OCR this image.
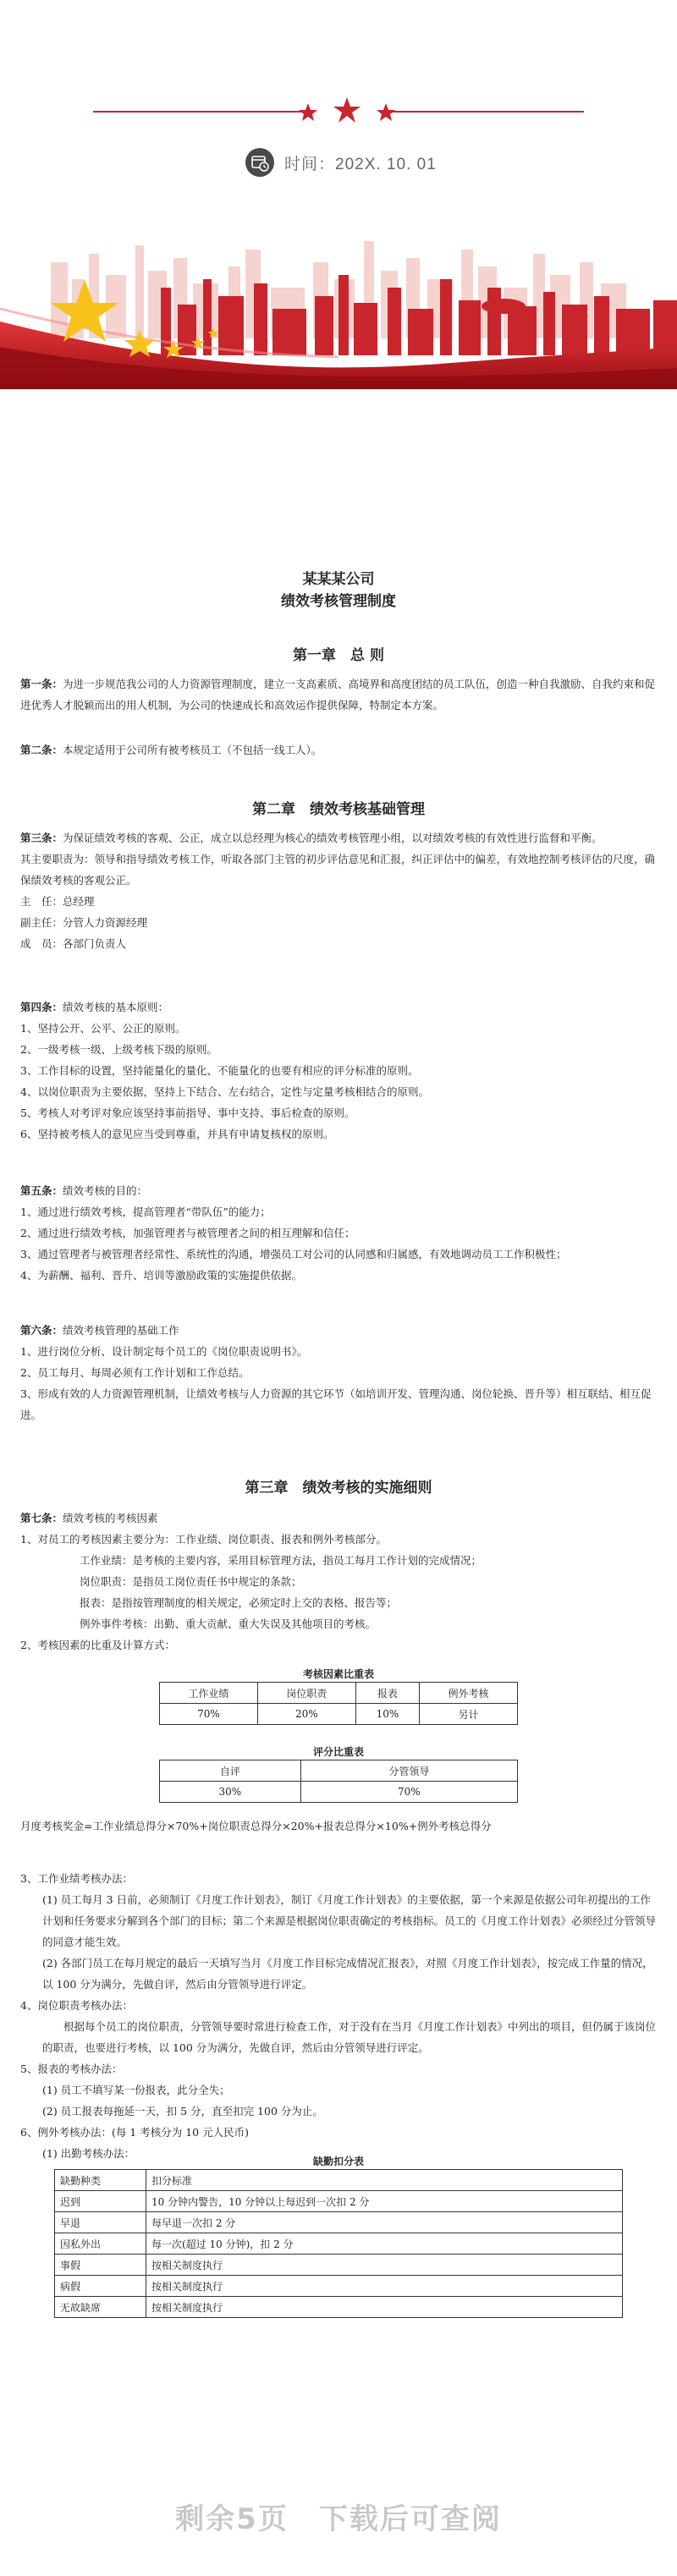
时间：202X. 10. 01
某某某公司
绩效考核管理制度
第一章　总 则
第一条：为进一步规范我公司的人力资源管理制度，建立一支高素质、高境界和高度团结的员工队伍，创造一种自我激励、自我约束和促进优秀人才脱颖而出的用人机制，为公司的快速成长和高效运作提供保障，特制定本方案。
第二条：本规定适用于公司所有被考核员工（不包括一线工人）。
第二章　绩效考核基础管理
第三条：为保证绩效考核的客观、公正，成立以总经理为核心的绩效考核管理小组，以对绩效考核的有效性进行监督和平衡。
其主要职责为：领导和指导绩效考核工作，听取各部门主管的初步评估意见和汇报，纠正评估中的偏差，有效地控制考核评估的尺度，确保绩效考核的客观公正。
主　任：总经理
副主任：分管人力资源经理
成　员：各部门负责人
第四条：绩效考核的基本原则：
1、坚持公开、公平、公正的原则。
2、一级考核一级、上级考核下级的原则。
3、工作目标的设置，坚持能量化的量化、不能量化的也要有相应的评分标准的原则。
4、以岗位职责为主要依据，坚持上下结合、左右结合，定性与定量考核相结合的原则。
5、考核人对考评对象应该坚持事前指导、事中支持、事后检查的原则。
6、坚持被考核人的意见应当受到尊重，并具有申请复核权的原则。
第五条：绩效考核的目的：
1、通过进行绩效考核，提高管理者“带队伍”的能力；
2、通过进行绩效考核，加强管理者与被管理者之间的相互理解和信任；
3、通过管理者与被管理者经常性、系统性的沟通，增强员工对公司的认同感和归属感，有效地调动员工工作积极性；
4、为薪酬、福利、晋升、培训等激励政策的实施提供依据。
第六条：绩效考核管理的基础工作
1、进行岗位分析、设计制定每个员工的《岗位职责说明书》。
2、员工每月、每周必须有工作计划和工作总结。
3、形成有效的人力资源管理机制，让绩效考核与人力资源的其它环节（如培训开发、管理沟通、岗位轮换、晋升等）相互联结、相互促进。
第三章　绩效考核的实施细则
第七条：绩效考核的考核因素
1、对员工的考核因素主要分为：工作业绩、岗位职责、报表和例外考核部分。
工作业绩：是考核的主要内容，采用目标管理方法，指员工每月工作计划的完成情况；
岗位职责：是指员工岗位责任书中规定的条款；
报表：是指按管理制度的相关规定，必须定时上交的表格、报告等；
例外事件考核：出勤、重大贡献、重大失误及其他项目的考核。
2、考核因素的比重及计算方式：
考核因素比重表
工作业绩	岗位职责	报表	例外考核
70%	20%	10%	另计
评分比重表
自评	分管领导
30%	70%
月度考核奖金=工作业绩总得分×70%+岗位职责总得分×20%+报表总得分×10%+例外考核总得分
3、工作业绩考核办法：
(1) 员工每月 3 日前，必须制订《月度工作计划表》，制订《月度工作计划表》的主要依据，第一个来源是依据公司年初提出的工作计划和任务要求分解到各个部门的目标；第二个来源是根据岗位职责确定的考核指标。员工的《月度工作计划表》必须经过分管领导的同意才能生效。
(2) 各部门员工在每月规定的最后一天填写当月《月度工作目标完成情况汇报表》，对照《月度工作计划表》，按完成工作量的情况，以 100 分为满分，先做自评，然后由分管领导进行评定。
4、岗位职责考核办法：
根据每个员工的岗位职责，分管领导要时常进行检查工作，对于没有在当月《月度工作计划表》中列出的项目，但仍属于该岗位的职责，也要进行考核，以 100 分为满分，先做自评，然后由分管领导进行评定。
5、报表的考核办法：
(1) 员工不填写某一份报表，此分全失；
(2) 员工报表每拖延一天，扣 5 分，直至扣完 100 分为止。
6、例外考核办法：(每 1 考核分为 10 元人民币)
(1) 出勤考核办法：
缺勤扣分表
缺勤种类	扣分标准
迟到	10 分钟内警告，10 分钟以上每迟到一次扣 2 分
早退	每早退一次扣 2 分
因私外出	每一次(超过 10 分钟)，扣 2 分
事假	按相关制度执行
病假	按相关制度执行
无故缺席	按相关制度执行
剩余5页　下载后可查阅
